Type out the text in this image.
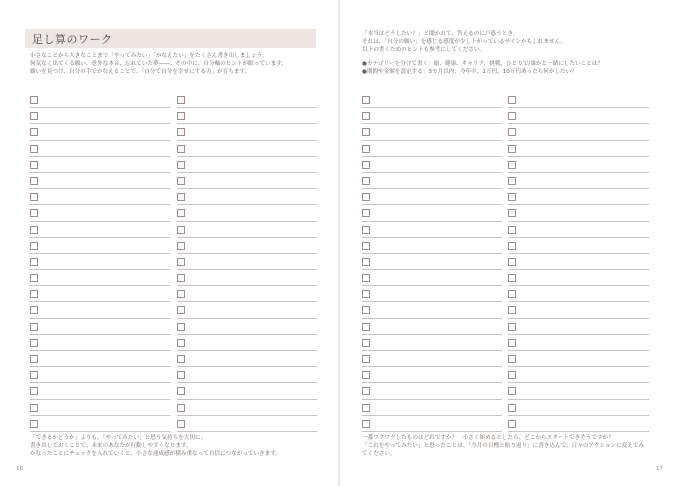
足し算のワーク
小さなことから大きなことまで「やってみたい」「かなえたい」をたくさん書き出しましょう。
何気なく出てくる願い、意外な本音、忘れていた夢――。その中に、自分軸のヒントが眠っています。
願いを見つけ、自分の手でかなえることで、「自分で自分を幸せにする力」が育ちます。
「できるかどうか」よりも、「やってみたい」と思う気持ちを大切に。
書き出しておくことで、未来のあなたが行動しやすくなります。
かなったことにチェックを入れていくと、小さな達成感が積み重なって自信につながっていきます。
16
「本当はどうしたい？」と聞かれて、答えるのに戸惑うとき。
それは、「自分の願い」を感じる感度が少し下がっているサインかもしれません。
以下の書くためのヒントも参考にしてください。
●カテゴリーを分けて書く：旅、健康、キャリア、挑戦、ひとりで/誰かと一緒にしたいことは？
●期間や金額を設定する：3カ月以内、今年中、1万円、10万円あったら何がしたい？
一番ワクワクしたものはどれですか？　小さく始めるとしたら、どこからスタートできそうですか？
「これをやってみたい」と思ったことは、「今月の目標と振り返り」に書き込んで、日々のアクションに変えてみ
てください。
17
